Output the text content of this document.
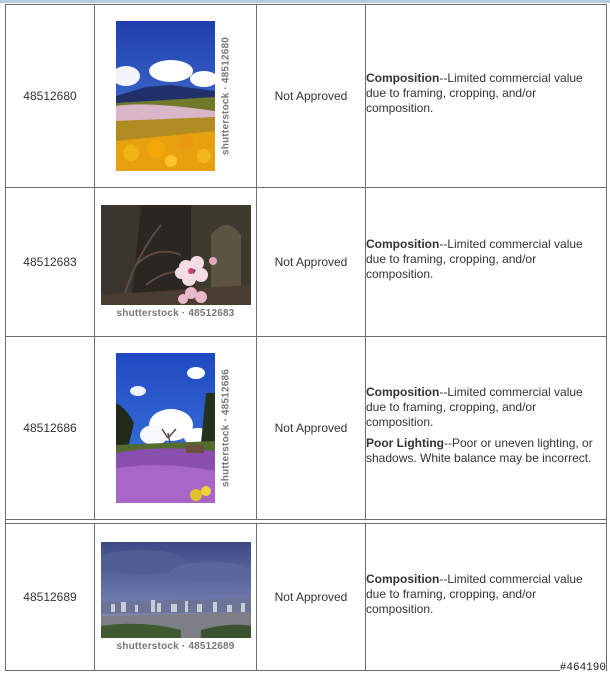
48512680	shutterstock · 48512680	Not Approved	Composition--Limited commercial value due to framing, cropping, and/or composition.

48512683	shutterstock · 48512683	Not Approved	Composition--Limited commercial value due to framing, cropping, and/or composition.

48512686	shutterstock · 48512686	Not Approved	Composition--Limited commercial value due to framing, cropping, and/or composition.

Poor Lighting--Poor or uneven lighting, or shadows. White balance may be incorrect.

48512689	shutterstock · 48512689	Not Approved	Composition--Limited commercial value due to framing, cropping, and/or composition.

#464190
